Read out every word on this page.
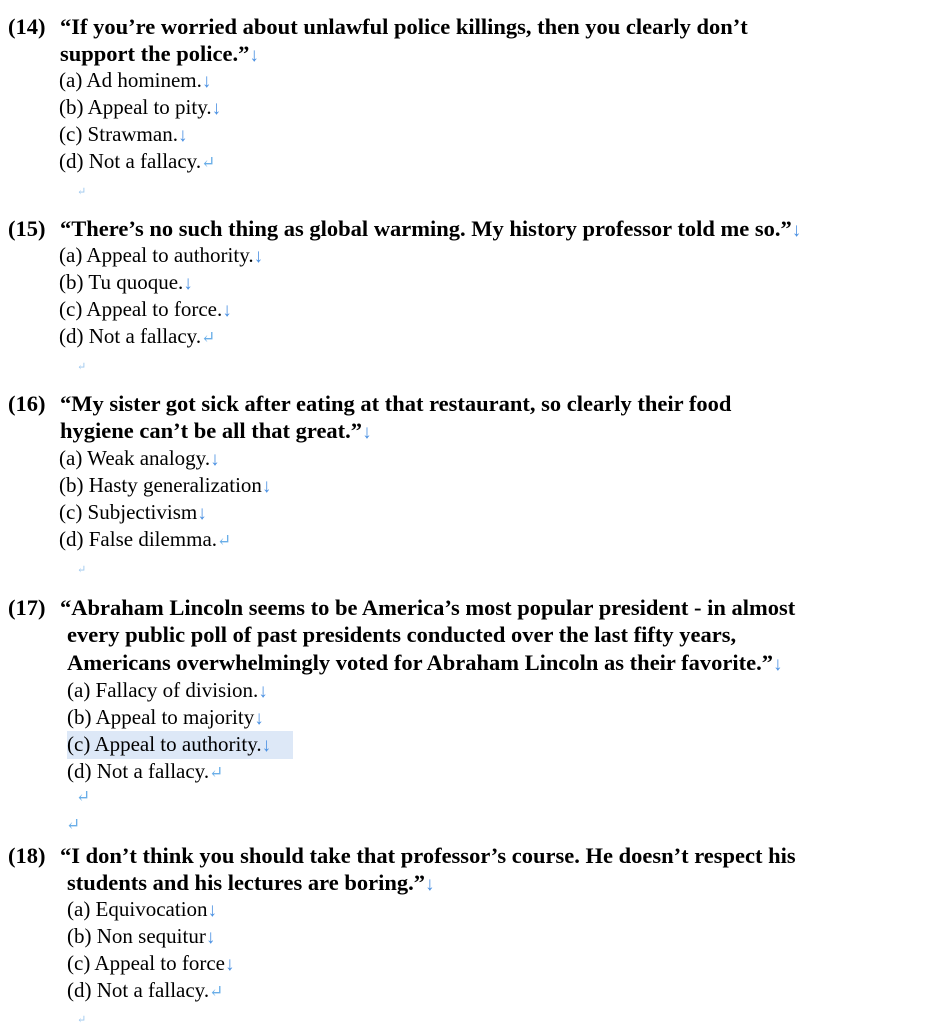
(14) “If you’re worried about unlawful police killings, then you clearly don’t
support the police.”↓
(a) Ad hominem.↓
(b) Appeal to pity.↓
(c) Strawman.↓
(d) Not a fallacy.↵
↵
(15) “There’s no such thing as global warming. My history professor told me so.”↓
(a) Appeal to authority.↓
(b) Tu quoque.↓
(c) Appeal to force.↓
(d) Not a fallacy.↵
↵
(16) “My sister got sick after eating at that restaurant, so clearly their food
hygiene can’t be all that great.”↓
(a) Weak analogy.↓
(b) Hasty generalization↓
(c) Subjectivism↓
(d) False dilemma.↵
↵
(17) “Abraham Lincoln seems to be America’s most popular president - in almost
every public poll of past presidents conducted over the last fifty years,
Americans overwhelmingly voted for Abraham Lincoln as their favorite.”↓
(a) Fallacy of division.↓
(b) Appeal to majority↓
(c) Appeal to authority.↓
(d) Not a fallacy.↵
↵
↵
(18) “I don’t think you should take that professor’s course. He doesn’t respect his
students and his lectures are boring.”↓
(a) Equivocation↓
(b) Non sequitur↓
(c) Appeal to force↓
(d) Not a fallacy.↵
↵
